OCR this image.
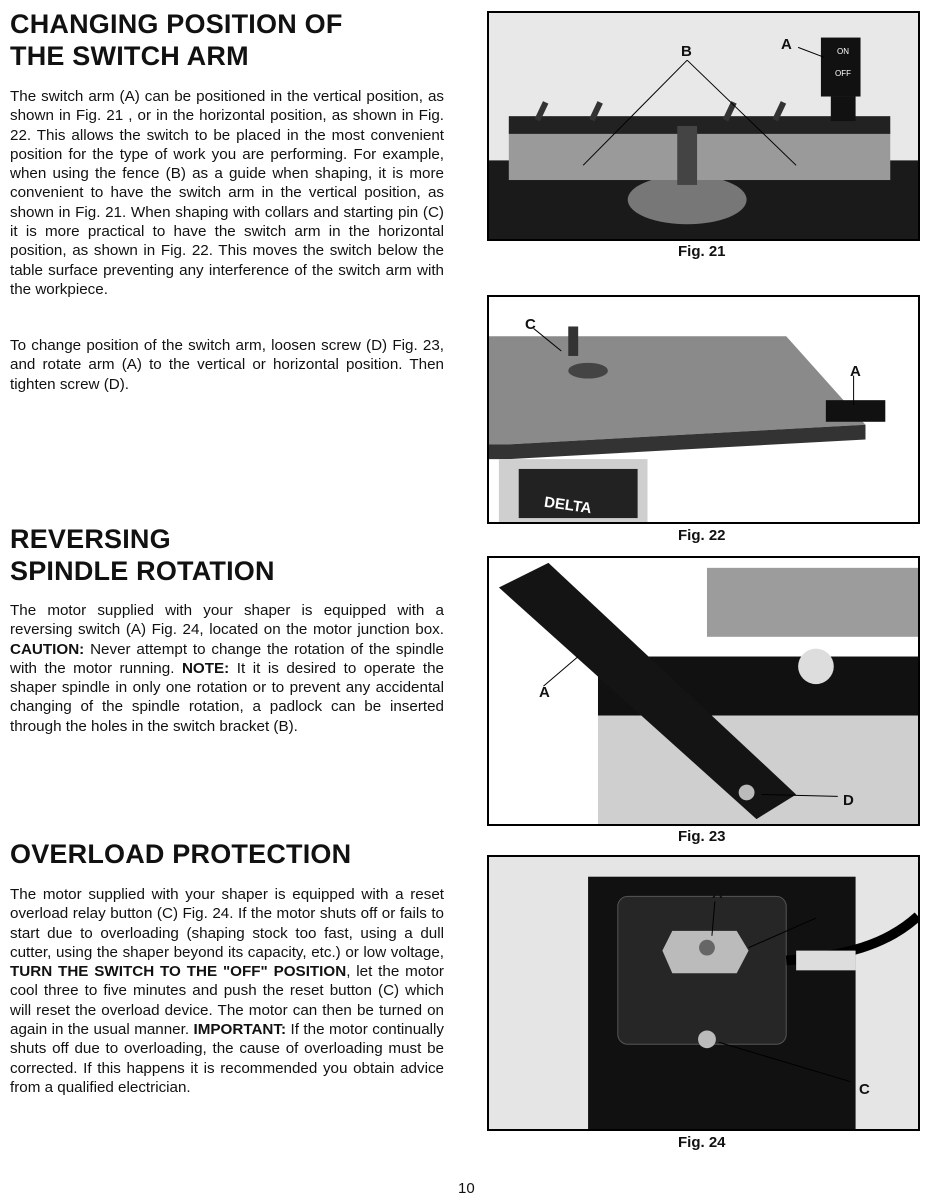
CHANGING POSITION OF
THE SWITCH ARM

The switch arm (A) can be positioned in the vertical position, as shown in Fig. 21 , or in the horizontal position, as shown in Fig. 22. This allows the switch to be placed in the most convenient position for the type of work you are performing. For example, when using the fence (B) as a guide when shaping, it is more convenient to have the switch arm in the vertical position, as shown in Fig. 21. When shaping with collars and starting pin (C) it is more practical to have the switch arm in the horizontal position, as shown in Fig. 22. This moves the switch below the table surface preventing any interference of the switch arm with the workpiece.

To change position of the switch arm, loosen screw (D) Fig. 23, and rotate arm (A) to the vertical or horizontal position. Then tighten screw (D).

REVERSING
SPINDLE ROTATION

The motor supplied with your shaper is equipped with a reversing switch (A) Fig. 24, located on the motor junction box. CAUTION: Never attempt to change the rotation of the spindle with the motor running. NOTE: It it is desired to operate the shaper spindle in only one rotation or to prevent any accidental changing of the spindle rotation, a padlock can be inserted through the holes in the switch bracket (B).

OVERLOAD PROTECTION

The motor supplied with your shaper is equipped with a reset overload relay button (C) Fig. 24. If the motor shuts off or fails to start due to overloading (shaping stock too fast, using a dull cutter, using the shaper beyond its capacity, etc.) or low voltage, TURN THE SWITCH TO THE "OFF" POSITION, let the motor cool three to five minutes and push the reset button (C) which will reset the overload device. The motor can then be turned on again in the usual manner. IMPORTANT: If the motor continually shuts off due to overloading, the cause of overloading must be corrected. If this happens it is recommended you obtain advice from a qualified electrician.

B	A	ON
OFF
Fig. 21
C
A
DELTA
Fig. 22
A
D
Fig. 23
A
B
C
Fig. 24
10
